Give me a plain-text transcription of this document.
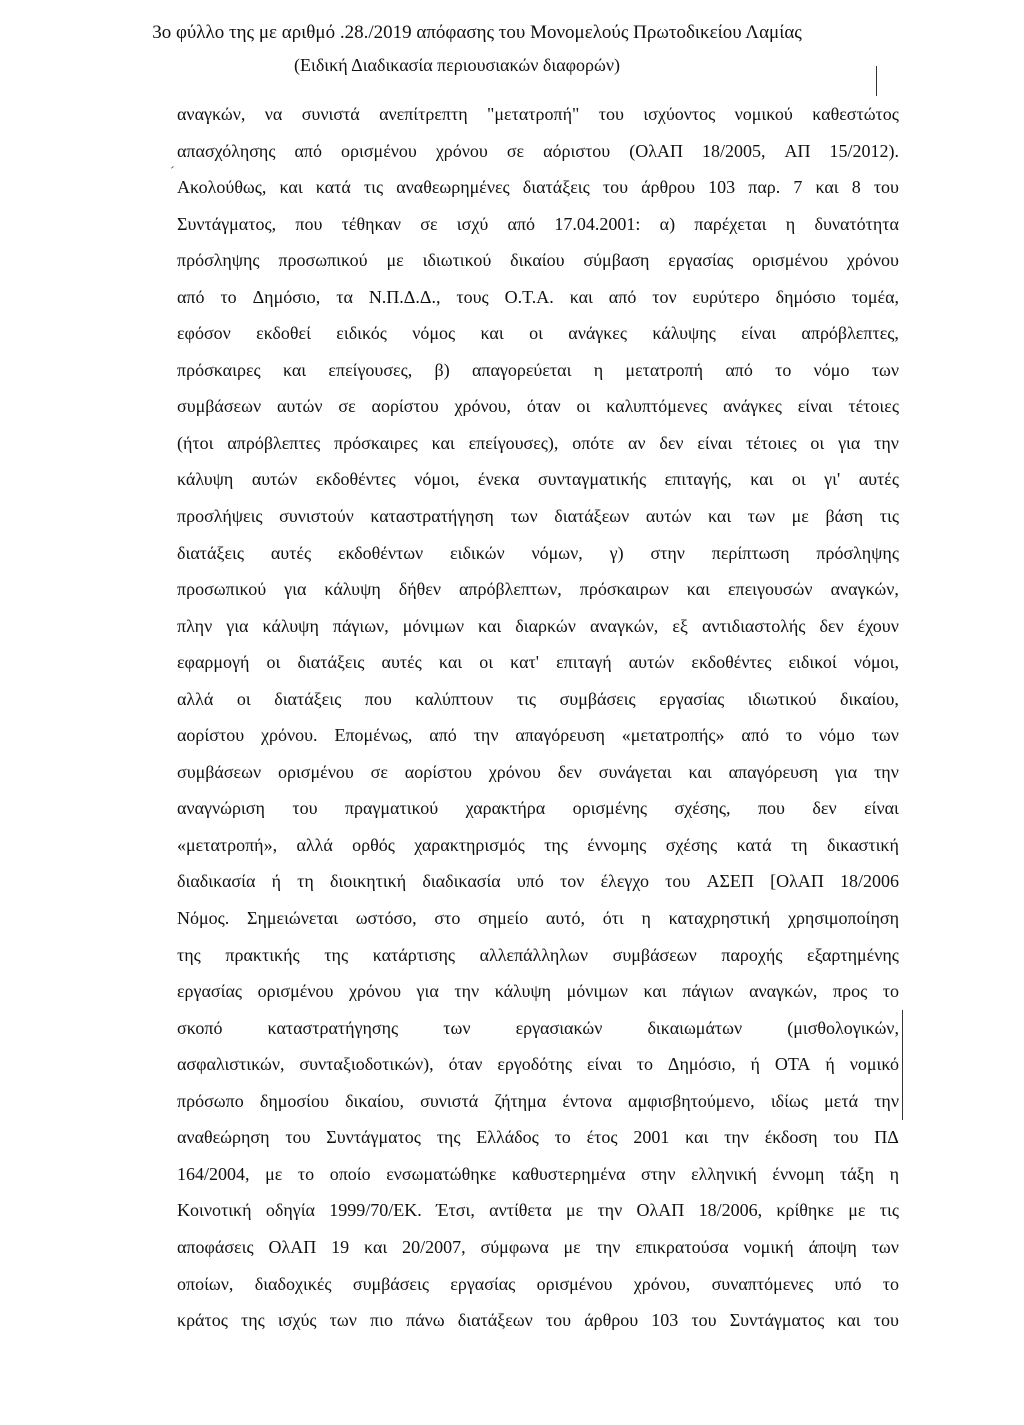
3ο φύλλο της με αριθμό .28./2019 απόφασης του Μονομελούς Πρωτοδικείου Λαμίας
(Ειδική Διαδικασία περιουσιακών διαφορών)
´
αναγκών, να συνιστά ανεπίτρεπτη "μετατροπή" του ισχύοντος νομικού καθεστώτος
απασχόλησης από ορισμένου χρόνου σε αόριστου (ΟλΑΠ 18/2005, ΑΠ 15/2012).
Ακολούθως, και κατά τις αναθεωρημένες διατάξεις του άρθρου 103 παρ. 7 και 8 του
Συντάγματος, που τέθηκαν σε ισχύ από 17.04.2001: α) παρέχεται η δυνατότητα
πρόσληψης προσωπικού με ιδιωτικού δικαίου σύμβαση εργασίας ορισμένου χρόνου
από το Δημόσιο, τα Ν.Π.Δ.Δ., τους Ο.Τ.Α. και από τον ευρύτερο δημόσιο τομέα,
εφόσον εκδοθεί ειδικός νόμος και οι ανάγκες κάλυψης είναι απρόβλεπτες,
πρόσκαιρες και επείγουσες, β) απαγορεύεται η μετατροπή από το νόμο των
συμβάσεων αυτών σε αορίστου χρόνου, όταν οι καλυπτόμενες ανάγκες είναι τέτοιες
(ήτοι απρόβλεπτες πρόσκαιρες και επείγουσες), οπότε αν δεν είναι τέτοιες οι για την
κάλυψη αυτών εκδοθέντες νόμοι, ένεκα συνταγματικής επιταγής, και οι γι' αυτές
προσλήψεις συνιστούν καταστρατήγηση των διατάξεων αυτών και των με βάση τις
διατάξεις αυτές εκδοθέντων ειδικών νόμων, γ) στην περίπτωση πρόσληψης
προσωπικού για κάλυψη δήθεν απρόβλεπτων, πρόσκαιρων και επειγουσών αναγκών,
πλην για κάλυψη πάγιων, μόνιμων και διαρκών αναγκών, εξ αντιδιαστολής δεν έχουν
εφαρμογή οι διατάξεις αυτές και οι κατ' επιταγή αυτών εκδοθέντες ειδικοί νόμοι,
αλλά οι διατάξεις που καλύπτουν τις συμβάσεις εργασίας ιδιωτικού δικαίου,
αορίστου χρόνου. Επομένως, από την απαγόρευση «μετατροπής» από το νόμο των
συμβάσεων ορισμένου σε αορίστου χρόνου δεν συνάγεται και απαγόρευση για την
αναγνώριση του πραγματικού χαρακτήρα ορισμένης σχέσης, που δεν είναι
«μετατροπή», αλλά ορθός χαρακτηρισμός της έννομης σχέσης κατά τη δικαστική
διαδικασία ή τη διοικητική διαδικασία υπό τον έλεγχο του ΑΣΕΠ [ΟλΑΠ 18/2006
Νόμος. Σημειώνεται ωστόσο, στο σημείο αυτό, ότι η καταχρηστική χρησιμοποίηση
της πρακτικής της κατάρτισης αλλεπάλληλων συμβάσεων παροχής εξαρτημένης
εργασίας ορισμένου χρόνου για την κάλυψη μόνιμων και πάγιων αναγκών, προς το
σκοπό	καταστρατήγησης	των	εργασιακών	δικαιωμάτων	(μισθολογικών,
ασφαλιστικών, συνταξιοδοτικών), όταν εργοδότης είναι το Δημόσιο, ή ΟΤΑ ή νομικό
πρόσωπο δημοσίου δικαίου, συνιστά ζήτημα έντονα αμφισβητούμενο, ιδίως μετά την
αναθεώρηση του Συντάγματος της Ελλάδος το έτος 2001 και την έκδοση του ΠΔ
164/2004, με το οποίο ενσωματώθηκε καθυστερημένα στην ελληνική έννομη τάξη η
Κοινοτική οδηγία 1999/70/ΕΚ. Έτσι, αντίθετα με την ΟλΑΠ 18/2006, κρίθηκε με τις
αποφάσεις ΟλΑΠ 19 και 20/2007, σύμφωνα με την επικρατούσα νομική άποψη των
οποίων, διαδοχικές συμβάσεις εργασίας ορισμένου χρόνου, συναπτόμενες υπό το
κράτος της ισχύς των πιο πάνω διατάξεων του άρθρου 103 του Συντάγματος και του
